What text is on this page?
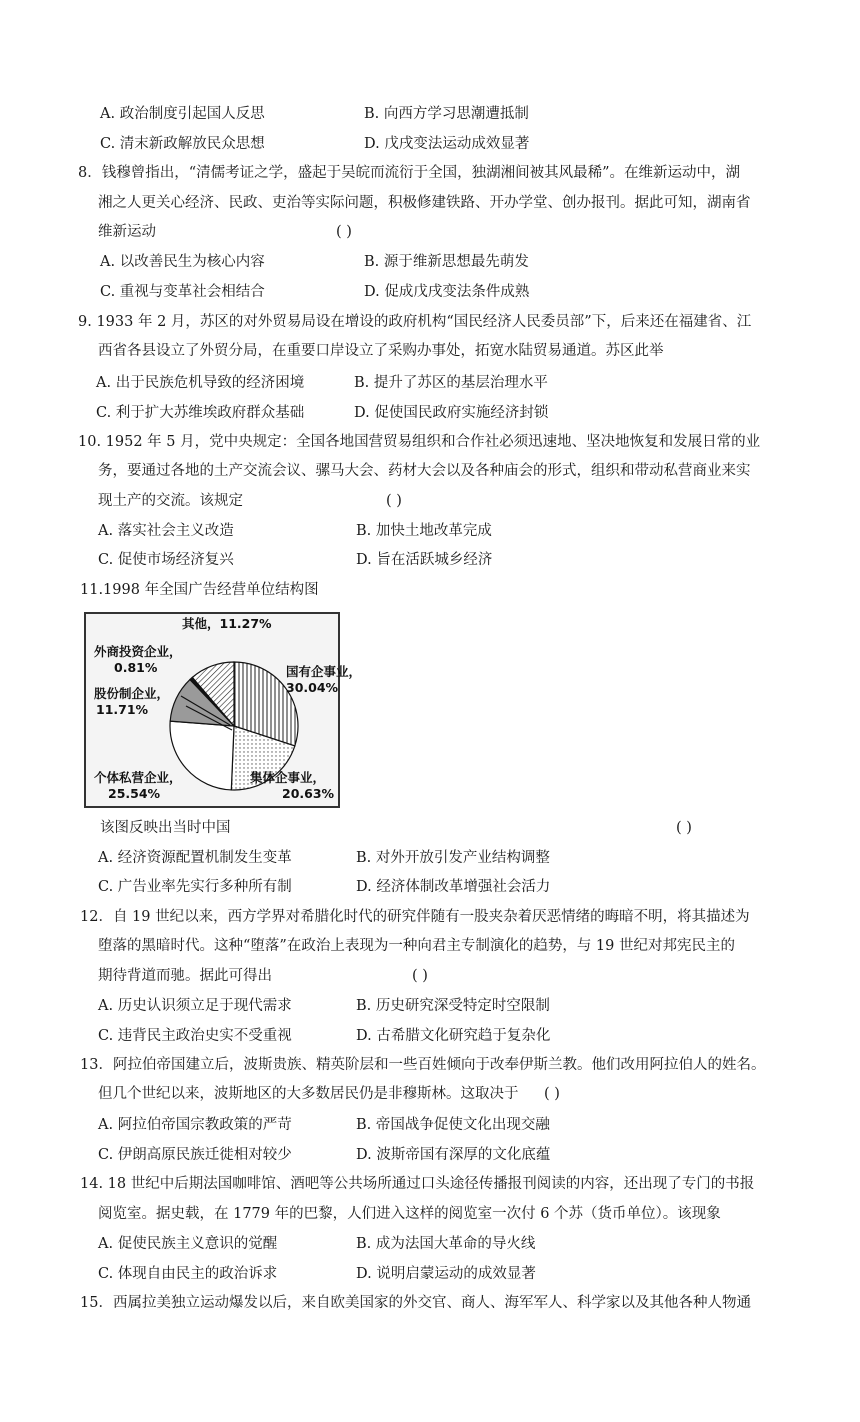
A. 政治制度引起国人反思	B. 向西方学习思潮遭抵制
C. 清末新政解放民众思想	D. 戊戌变法运动成效显著
8．钱穆曾指出，“清儒考证之学，盛起于吴皖而流衍于全国，独湖湘间被其风最稀”。在维新运动中，湖
湘之人更关心经济、民政、吏治等实际问题，积极修建铁路、开办学堂、创办报刊。据此可知，湖南省
维新运动	( )
A. 以改善民生为核心内容	B. 源于维新思想最先萌发
C. 重视与变革社会相结合	D. 促成戊戌变法条件成熟
9. 1933 年 2 月，苏区的对外贸易局设在增设的政府机构“国民经济人民委员部”下，后来还在福建省、江
西省各县设立了外贸分局，在重要口岸设立了采购办事处，拓宽水陆贸易通道。苏区此举
A. 出于民族危机导致的经济困境	B. 提升了苏区的基层治理水平
C. 利于扩大苏维埃政府群众基础	D. 促使国民政府实施经济封锁
10. 1952 年 5 月，党中央规定：全国各地国营贸易组织和合作社必须迅速地、坚决地恢复和发展日常的业
务，要通过各地的土产交流会议、骡马大会、药材大会以及各种庙会的形式，组织和带动私营商业来实
现土产的交流。该规定	( )
A. 落实社会主义改造	B. 加快土地改革完成
C. 促使市场经济复兴	D. 旨在活跃城乡经济
11.1998 年全国广告经营单位结构图
其他，11.27%
外商投资企业，
0.81%
股份制企业，
11.71%
国有企事业，
30.04%
个体私营企业，
25.54%
集体企事业，
20.63%
该图反映出当时中国	( )
A. 经济资源配置机制发生变革	B. 对外开放引发产业结构调整
C. 广告业率先实行多种所有制	D. 经济体制改革增强社会活力
12．自 19 世纪以来，西方学界对希腊化时代的研究伴随有一股夹杂着厌恶情绪的晦暗不明，将其描述为
堕落的黑暗时代。这种“堕落”在政治上表现为一种向君主专制演化的趋势，与 19 世纪对邦宪民主的
期待背道而驰。据此可得出	( )
A. 历史认识须立足于现代需求	B. 历史研究深受特定时空限制
C. 违背民主政治史实不受重视	D. 古希腊文化研究趋于复杂化
13．阿拉伯帝国建立后，波斯贵族、精英阶层和一些百姓倾向于改奉伊斯兰教。他们改用阿拉伯人的姓名。
但几个世纪以来，波斯地区的大多数居民仍是非穆斯林。这取决于 ( )
A. 阿拉伯帝国宗教政策的严苛	B. 帝国战争促使文化出现交融
C. 伊朗高原民族迁徙相对较少	D. 波斯帝国有深厚的文化底蕴
14. 18 世纪中后期法国咖啡馆、酒吧等公共场所通过口头途径传播报刊阅读的内容，还出现了专门的书报
阅览室。据史载，在 1779 年的巴黎，人们进入这样的阅览室一次付 6 个苏（货币单位）。该现象
A. 促使民族主义意识的觉醒	B. 成为法国大革命的导火线
C. 体现自由民主的政治诉求	D. 说明启蒙运动的成效显著
15．西属拉美独立运动爆发以后，来自欧美国家的外交官、商人、海军军人、科学家以及其他各种人物通
